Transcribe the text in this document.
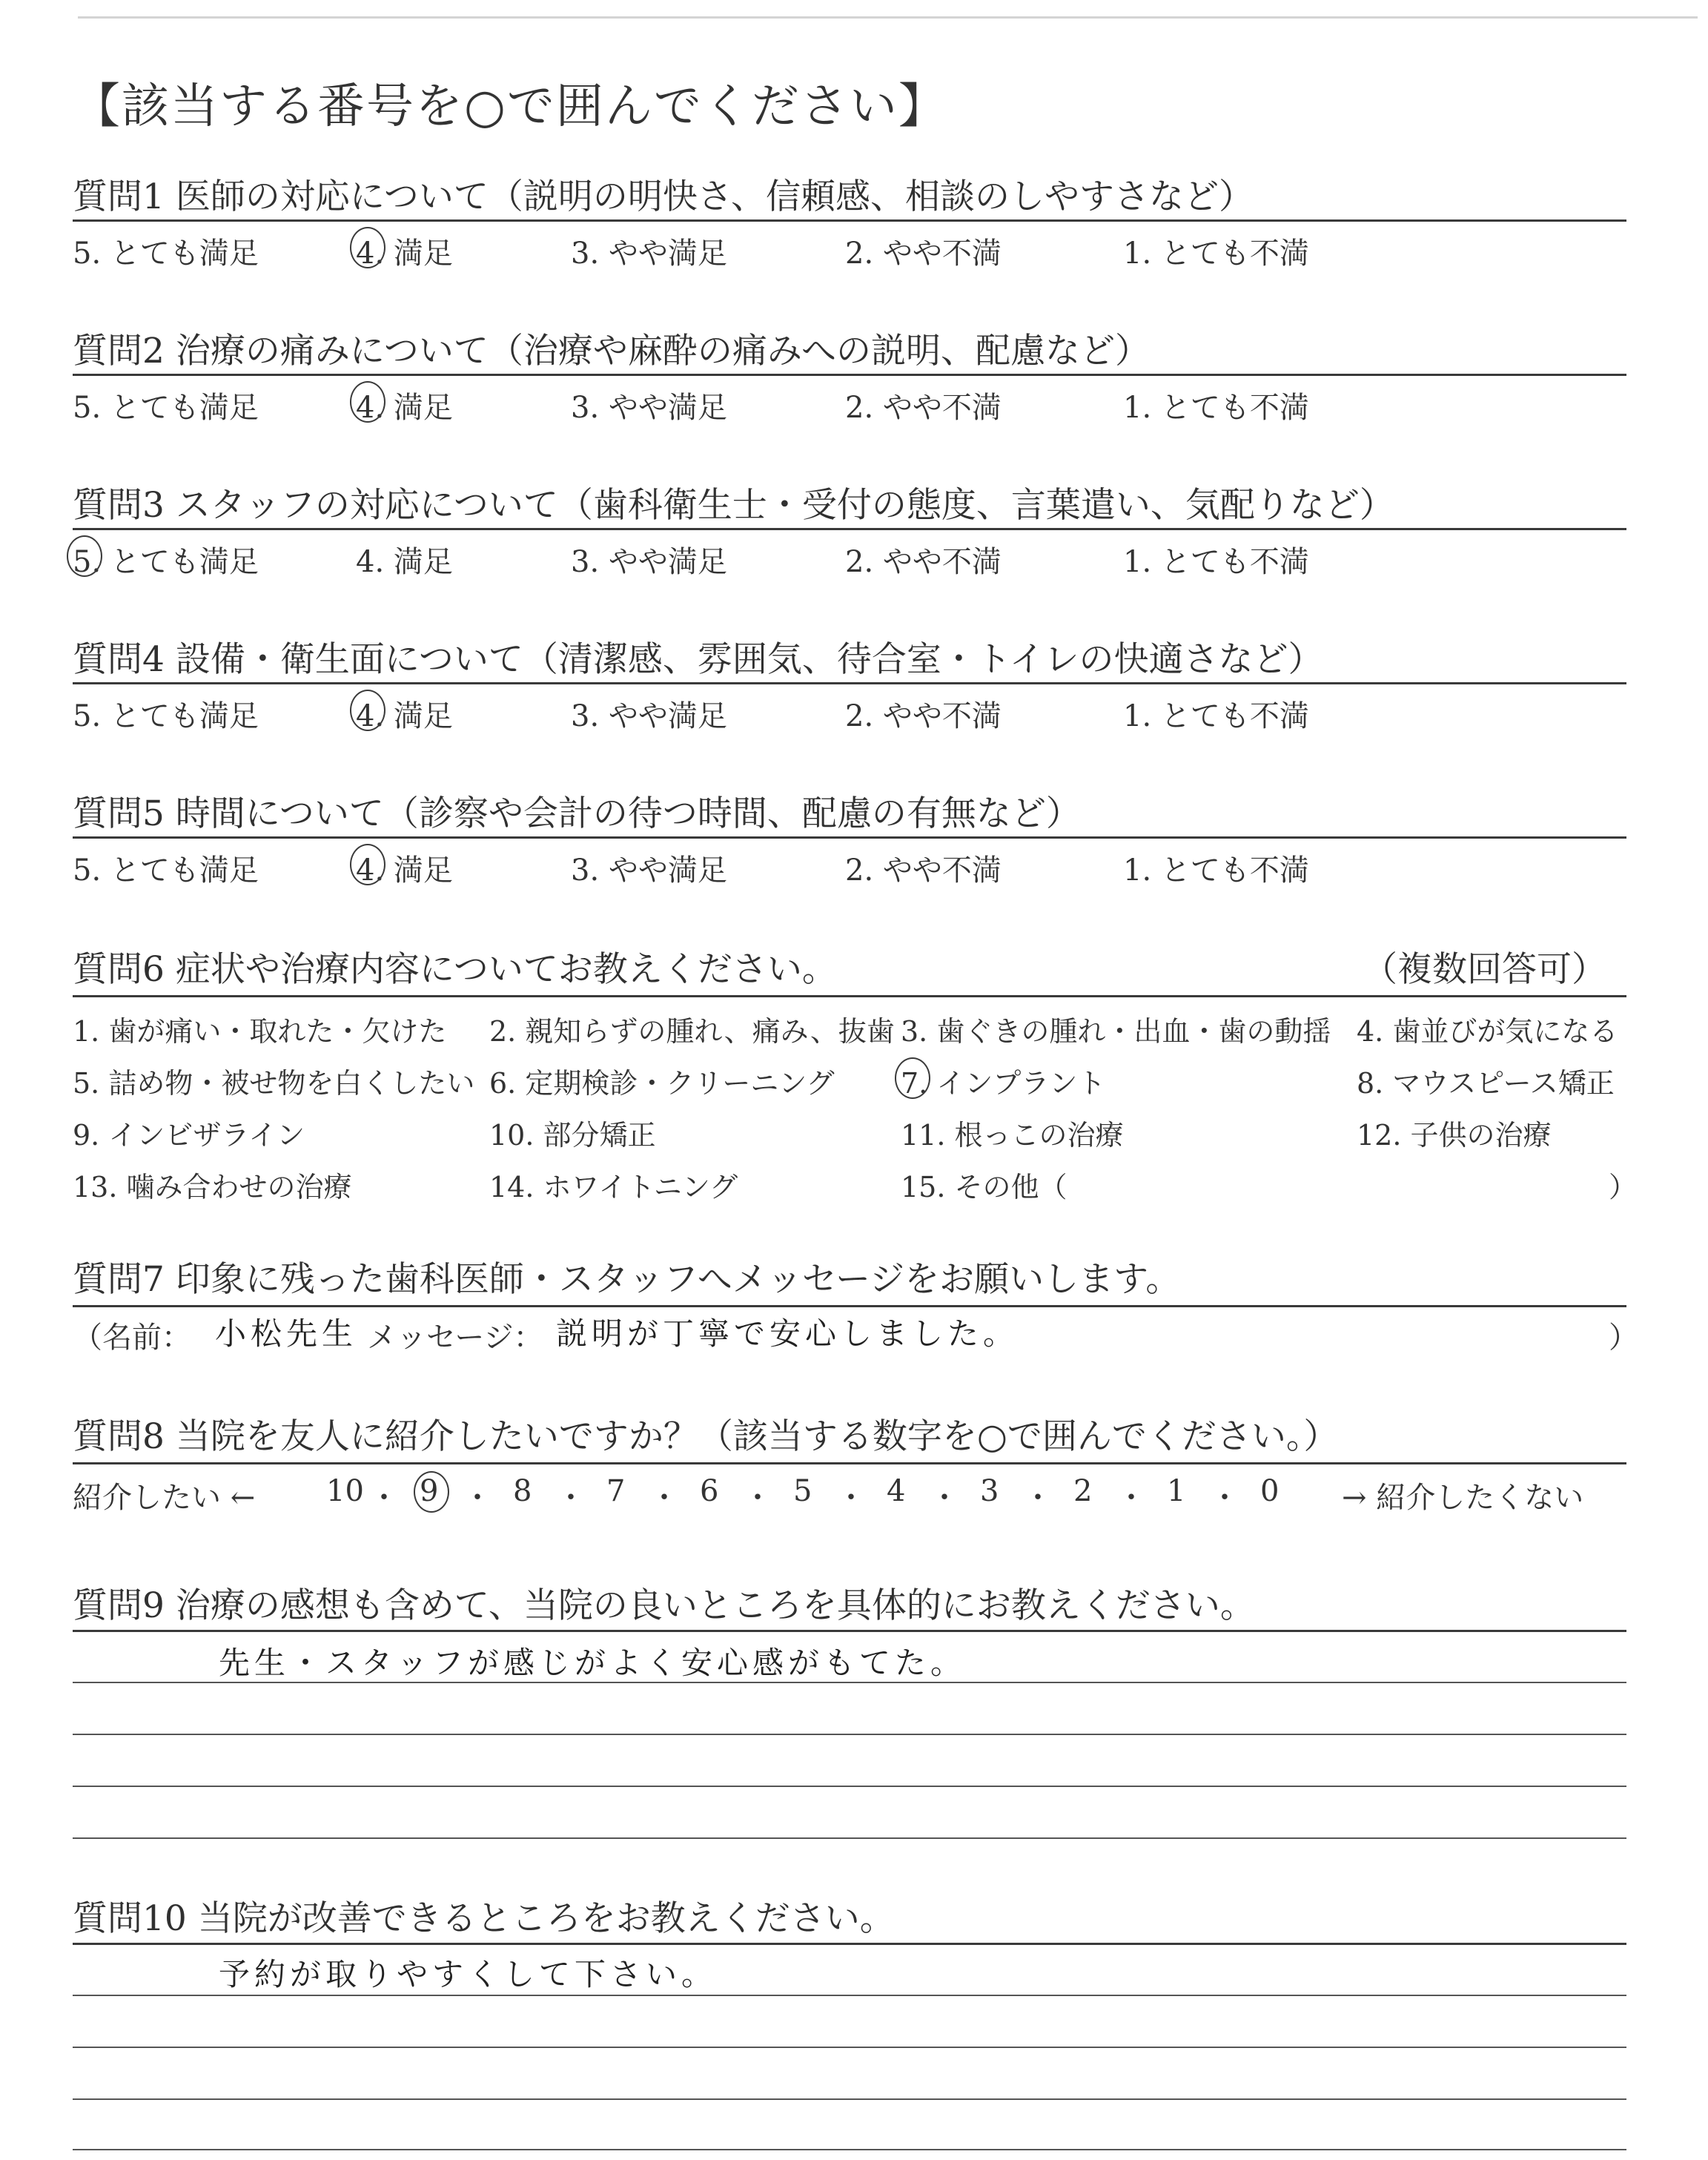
【該当する番号を○で囲んでください】
質問1 医師の対応について（説明の明快さ、信頼感、相談のしやすさなど）
5. とても満足	4. 満足	3. やや満足	2. やや不満	1. とても不満
質問2 治療の痛みについて（治療や麻酔の痛みへの説明、配慮など）
5. とても満足	4. 満足	3. やや満足	2. やや不満	1. とても不満
質問3 スタッフの対応について（歯科衛生士・受付の態度、言葉遣い、気配りなど）
5. とても満足	4. 満足	3. やや満足	2. やや不満	1. とても不満
質問4 設備・衛生面について（清潔感、雰囲気、待合室・トイレの快適さなど）
5. とても満足	4. 満足	3. やや満足	2. やや不満	1. とても不満
質問5 時間について（診察や会計の待つ時間、配慮の有無など）
5. とても満足	4. 満足	3. やや満足	2. やや不満	1. とても不満
質問6 症状や治療内容についてお教えください。	（複数回答可）
1. 歯が痛い・取れた・欠けた 2. 親知らずの腫れ、痛み、抜歯 3. 歯ぐきの腫れ・出血・歯の動揺 4. 歯並びが気になる
5. 詰め物・被せ物を白くしたい 6. 定期検診・クリーニング 7. インプラント	8. マウスピース矯正
9. インビザライン	10. 部分矯正	11. 根っこの治療	12. 子供の治療
13. 噛み合わせの治療	14. ホワイトニング	15. その他（	）
質問7 印象に残った歯科医師・スタッフへメッセージをお願いします。
（名前： 小松先生 メッセージ： 説明が丁寧で安心しました。	）
質問8 当院を友人に紹介したいですか？（該当する数字を○で囲んでください。）
紹介したい ← 10 ・ 9 ・ 8 ・ 7 ・ 6 ・ 5 ・ 4 ・ 3 ・ 2 ・ 1 ・ 0 → 紹介したくない
質問9 治療の感想も含めて、当院の良いところを具体的にお教えください。
先生・スタッフが感じがよく安心感がもてた。
質問10 当院が改善できるところをお教えください。
予約が取りやすくして下さい。
